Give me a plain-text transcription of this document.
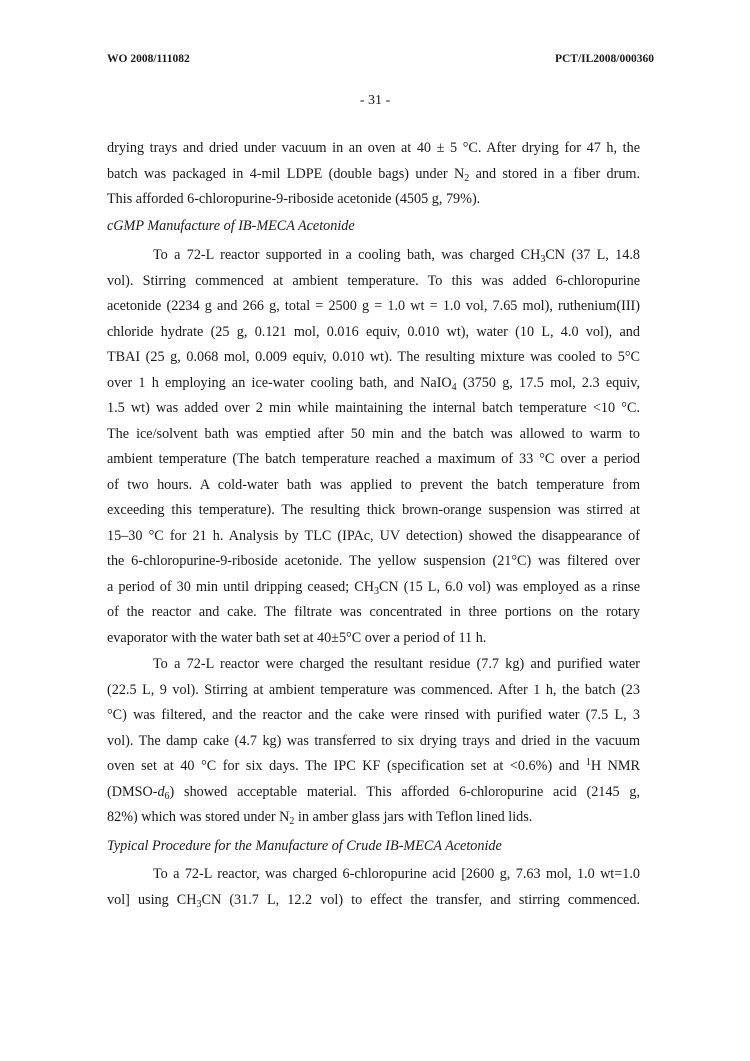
WO 2008/111082	PCT/IL2008/000360
- 31 -
drying trays and dried under vacuum in an oven at 40 ± 5 °C. After drying for 47 h, the
batch was packaged in 4-mil LDPE (double bags) under $N_2$ and stored in a fiber drum.
This afforded 6-chloropurine-9-riboside acetonide (4505 g, 79%).
cGMP Manufacture of IB-MECA Acetonide
To a 72-L reactor supported in a cooling bath, was charged $CH_3CN$ (37 L, 14.8
vol). Stirring commenced at ambient temperature. To this was added 6-chloropurine
acetonide (2234 g and 266 g, total = 2500 g = 1.0 wt = 1.0 vol, 7.65 mol), ruthenium(III)
chloride hydrate (25 g, 0.121 mol, 0.016 equiv, 0.010 wt), water (10 L, 4.0 vol), and
TBAI (25 g, 0.068 mol, 0.009 equiv, 0.010 wt). The resulting mixture was cooled to 5°C
over 1 h employing an ice-water cooling bath, and NaIO$_4$ (3750 g, 17.5 mol, 2.3 equiv,
1.5 wt) was added over 2 min while maintaining the internal batch temperature <10 °C.
The ice/solvent bath was emptied after 50 min and the batch was allowed to warm to
ambient temperature (The batch temperature reached a maximum of 33 °C over a period
of two hours. A cold-water bath was applied to prevent the batch temperature from
exceeding this temperature). The resulting thick brown-orange suspension was stirred at
15–30 °C for 21 h. Analysis by TLC (IPAc, UV detection) showed the disappearance of
the 6-chloropurine-9-riboside acetonide. The yellow suspension (21°C) was filtered over
a period of 30 min until dripping ceased; $CH_3CN$ (15 L, 6.0 vol) was employed as a rinse
of the reactor and cake. The filtrate was concentrated in three portions on the rotary
evaporator with the water bath set at 40±5°C over a period of 11 h.
To a 72-L reactor were charged the resultant residue (7.7 kg) and purified water
(22.5 L, 9 vol). Stirring at ambient temperature was commenced. After 1 h, the batch (23
°C) was filtered, and the reactor and the cake were rinsed with purified water (7.5 L, 3
vol). The damp cake (4.7 kg) was transferred to six drying trays and dried in the vacuum
oven set at 40 °C for six days. The IPC KF (specification set at <0.6%) and $^1$H NMR
$(DMSO-d_6)$ showed acceptable material. This afforded 6-chloropurine acid (2145 g,
82%) which was stored under $N_2$ in amber glass jars with Teflon lined lids.
Typical Procedure for the Manufacture of Crude IB-MECA Acetonide
To a 72-L reactor, was charged 6-chloropurine acid [2600 g, 7.63 mol, 1.0 wt=1.0
vol] using $CH_3CN$ (31.7 L, 12.2 vol) to effect the transfer, and stirring commenced.
